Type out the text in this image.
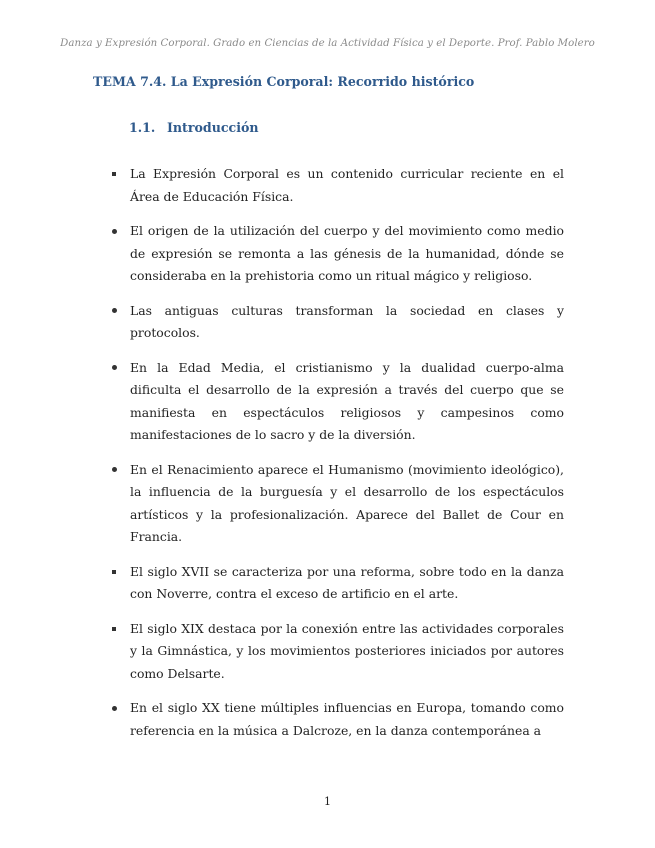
Danza y Expresión Corporal. Grado en Ciencias de la Actividad Física y el Deporte. Prof. Pablo Molero
TEMA 7.4. La Expresión Corporal: Recorrido histórico
1.1. Introducción
La Expresión Corporal es un contenido curricular reciente en el Área de Educación Física.
El origen de la utilización del cuerpo y del movimiento como medio de expresión se remonta a las génesis de la humanidad, dónde se consideraba en la prehistoria como un ritual mágico y religioso.
Las antiguas culturas transforman la sociedad en clases y protocolos.
En la Edad Media, el cristianismo y la dualidad cuerpo-alma dificulta el desarrollo de la expresión a través del cuerpo que se manifiesta en espectáculos religiosos y campesinos como manifestaciones de lo sacro y de la diversión.
En el Renacimiento aparece el Humanismo (movimiento ideológico), la influencia de la burguesía y el desarrollo de los espectáculos artísticos y la profesionalización. Aparece del Ballet de Cour en Francia.
El siglo XVII se caracteriza por una reforma, sobre todo en la danza con Noverre, contra el exceso de artificio en el arte.
El siglo XIX destaca por la conexión entre las actividades corporales y la Gimnástica, y los movimientos posteriores iniciados por autores como Delsarte.
En el siglo XX tiene múltiples influencias en Europa, tomando como referencia en la música a Dalcroze, en la danza contemporánea a
1
